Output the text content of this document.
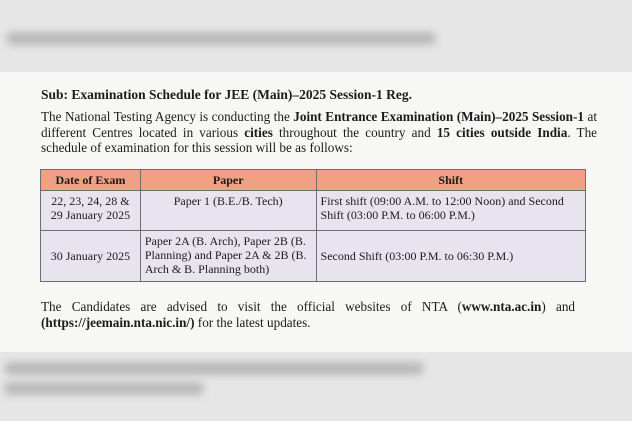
Sub: Examination Schedule for JEE (Main)–2025 Session-1 Reg.
The National Testing Agency is conducting the Joint Entrance Examination (Main)–2025 Session-1 at different Centres located in various cities throughout the country and 15 cities outside India. The schedule of examination for this session will be as follows:
Date of Exam	Paper	Shift
22, 23, 24, 28 & 29 January 2025	Paper 1 (B.E./B. Tech)	First shift (09:00 A.M. to 12:00 Noon) and Second Shift (03:00 P.M. to 06:00 P.M.)
30 January 2025	Paper 2A (B. Arch), Paper 2B (B. Planning) and Paper 2A & 2B (B. Arch & B. Planning both)	Second Shift (03:00 P.M. to 06:30 P.M.)
The Candidates are advised to visit the official websites of NTA (www.nta.ac.in) and
(https://jeemain.nta.nic.in/) for the latest updates.
